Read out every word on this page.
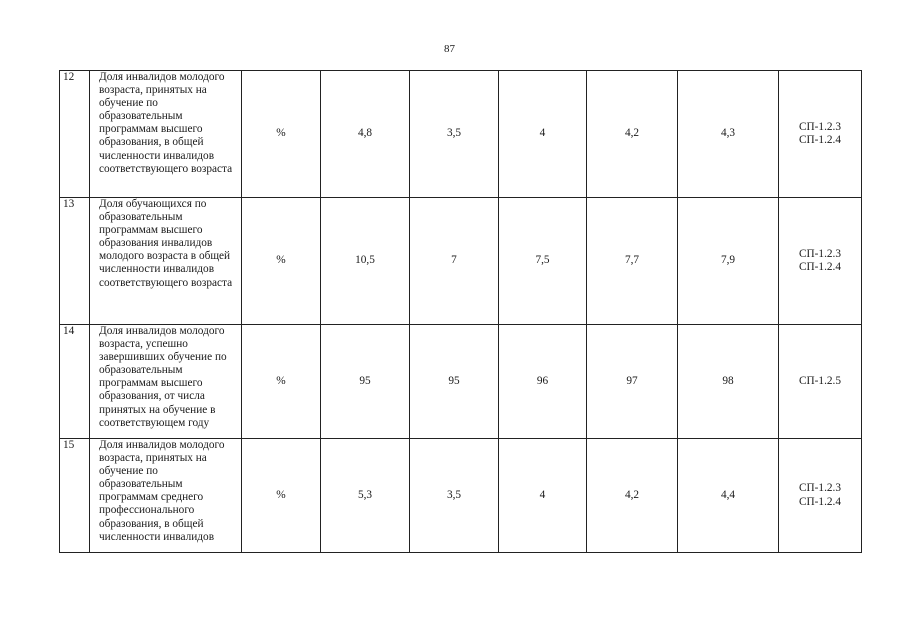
87
12	Доля инвалидов молодого возраста, принятых на обучение по образовательным программам высшего образования, в общей численности инвалидов соответствующего возраста	%	4,8	3,5	4	4,2	4,3	СП-1.2.3
СП-1.2.4

13	Доля обучающихся по образовательным программам высшего образования инвалидов молодого возраста в общей численности инвалидов соответствующего возраста	%	10,5	7	7,5	7,7	7,9	СП-1.2.3
СП-1.2.4

14	Доля инвалидов молодого возраста, успешно завершивших обучение по образовательным программам высшего образования, от числа принятых на обучение в соответствующем году	%	95	95	96	97	98	СП-1.2.5

15	Доля инвалидов молодого возраста, принятых на обучение по образовательным программам среднего профессионального образования, в общей численности инвалидов	%	5,3	3,5	4	4,2	4,4	СП-1.2.3
СП-1.2.4
